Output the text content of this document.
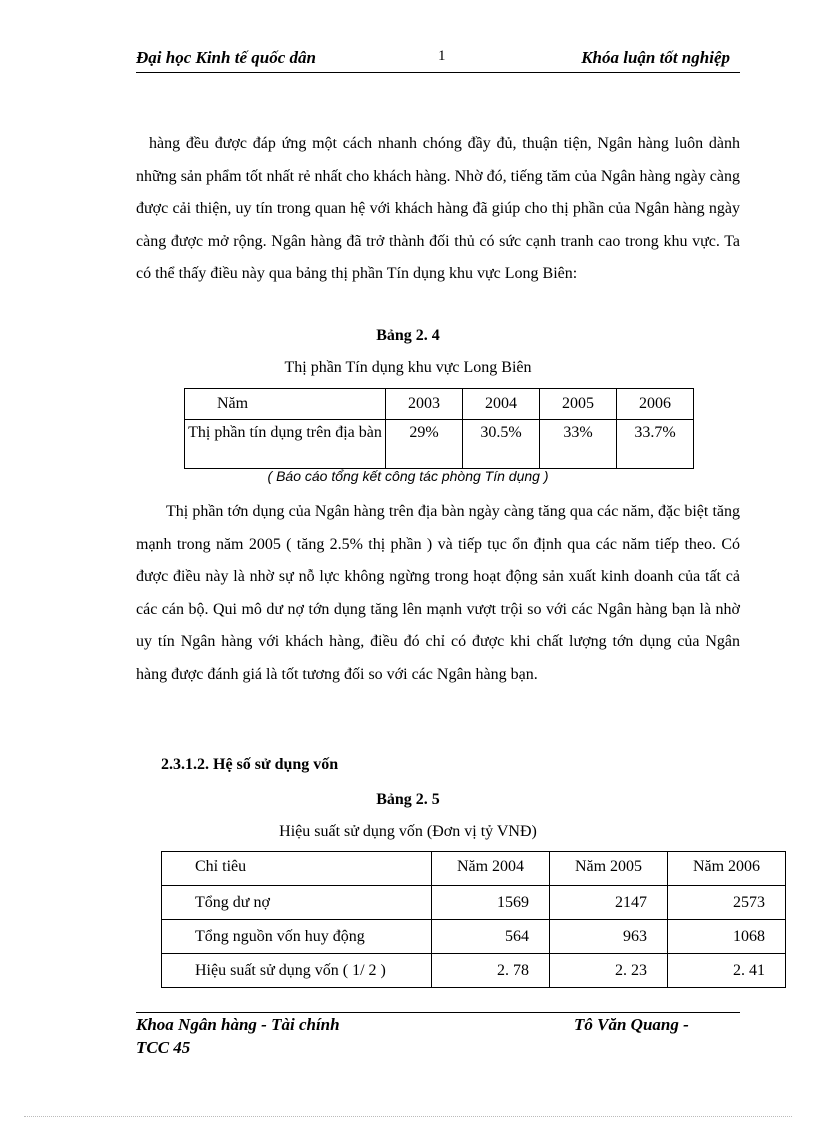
Đại học Kinh tế quốc dân	1	Khóa luận tốt nghiệp
hàng đều được đáp ứng một cách nhanh chóng đầy đủ, thuận tiện, Ngân hàng luôn dành những sản phẩm tốt nhất rẻ nhất cho khách hàng. Nhờ đó, tiếng tăm của Ngân hàng ngày càng được cải thiện, uy tín trong quan hệ với khách hàng đã giúp cho thị phần của Ngân hàng ngày càng được mở rộng. Ngân hàng đã trở thành đối thủ có sức cạnh tranh cao trong khu vực. Ta có thể thấy điều này qua bảng thị phần Tín dụng khu vực Long Biên:
Bảng 2. 4
Thị phần Tín dụng khu vực Long Biên
Năm	2003	2004	2005	2006
Thị phần tín dụng trên địa bàn	29%	30.5%	33%	33.7%
( Báo cáo tổng kết công tác phòng Tín dụng )
Thị phần tớn dụng của Ngân hàng trên địa bàn ngày càng tăng qua các năm, đặc biệt tăng mạnh trong năm 2005 ( tăng 2.5% thị phần ) và tiếp tục ổn định qua các năm tiếp theo. Có được điều này là nhờ sự nỗ lực không ngừng trong hoạt động sản xuất kinh doanh của tất cả các cán bộ. Qui mô dư nợ tớn dụng tăng lên mạnh vượt trội so với các Ngân hàng bạn là nhờ uy tín Ngân hàng với khách hàng, điều đó chỉ có được khi chất lượng tớn dụng của Ngân hàng được đánh giá là tốt tương đối so với các Ngân hàng bạn.
2.3.1.2. Hệ số sử dụng vốn
Bảng 2. 5
Hiệu suất sử dụng vốn (Đơn vị tỷ VNĐ)
Chỉ tiêu	Năm 2004	Năm 2005	Năm 2006
Tổng dư nợ	1569	2147	2573
Tổng nguồn vốn huy động	564	963	1068
Hiệu suất sử dụng vốn ( 1/ 2 )	2. 78	2. 23	2. 41
Khoa Ngân hàng - Tài chính	Tô Văn Quang -
TCC 45
